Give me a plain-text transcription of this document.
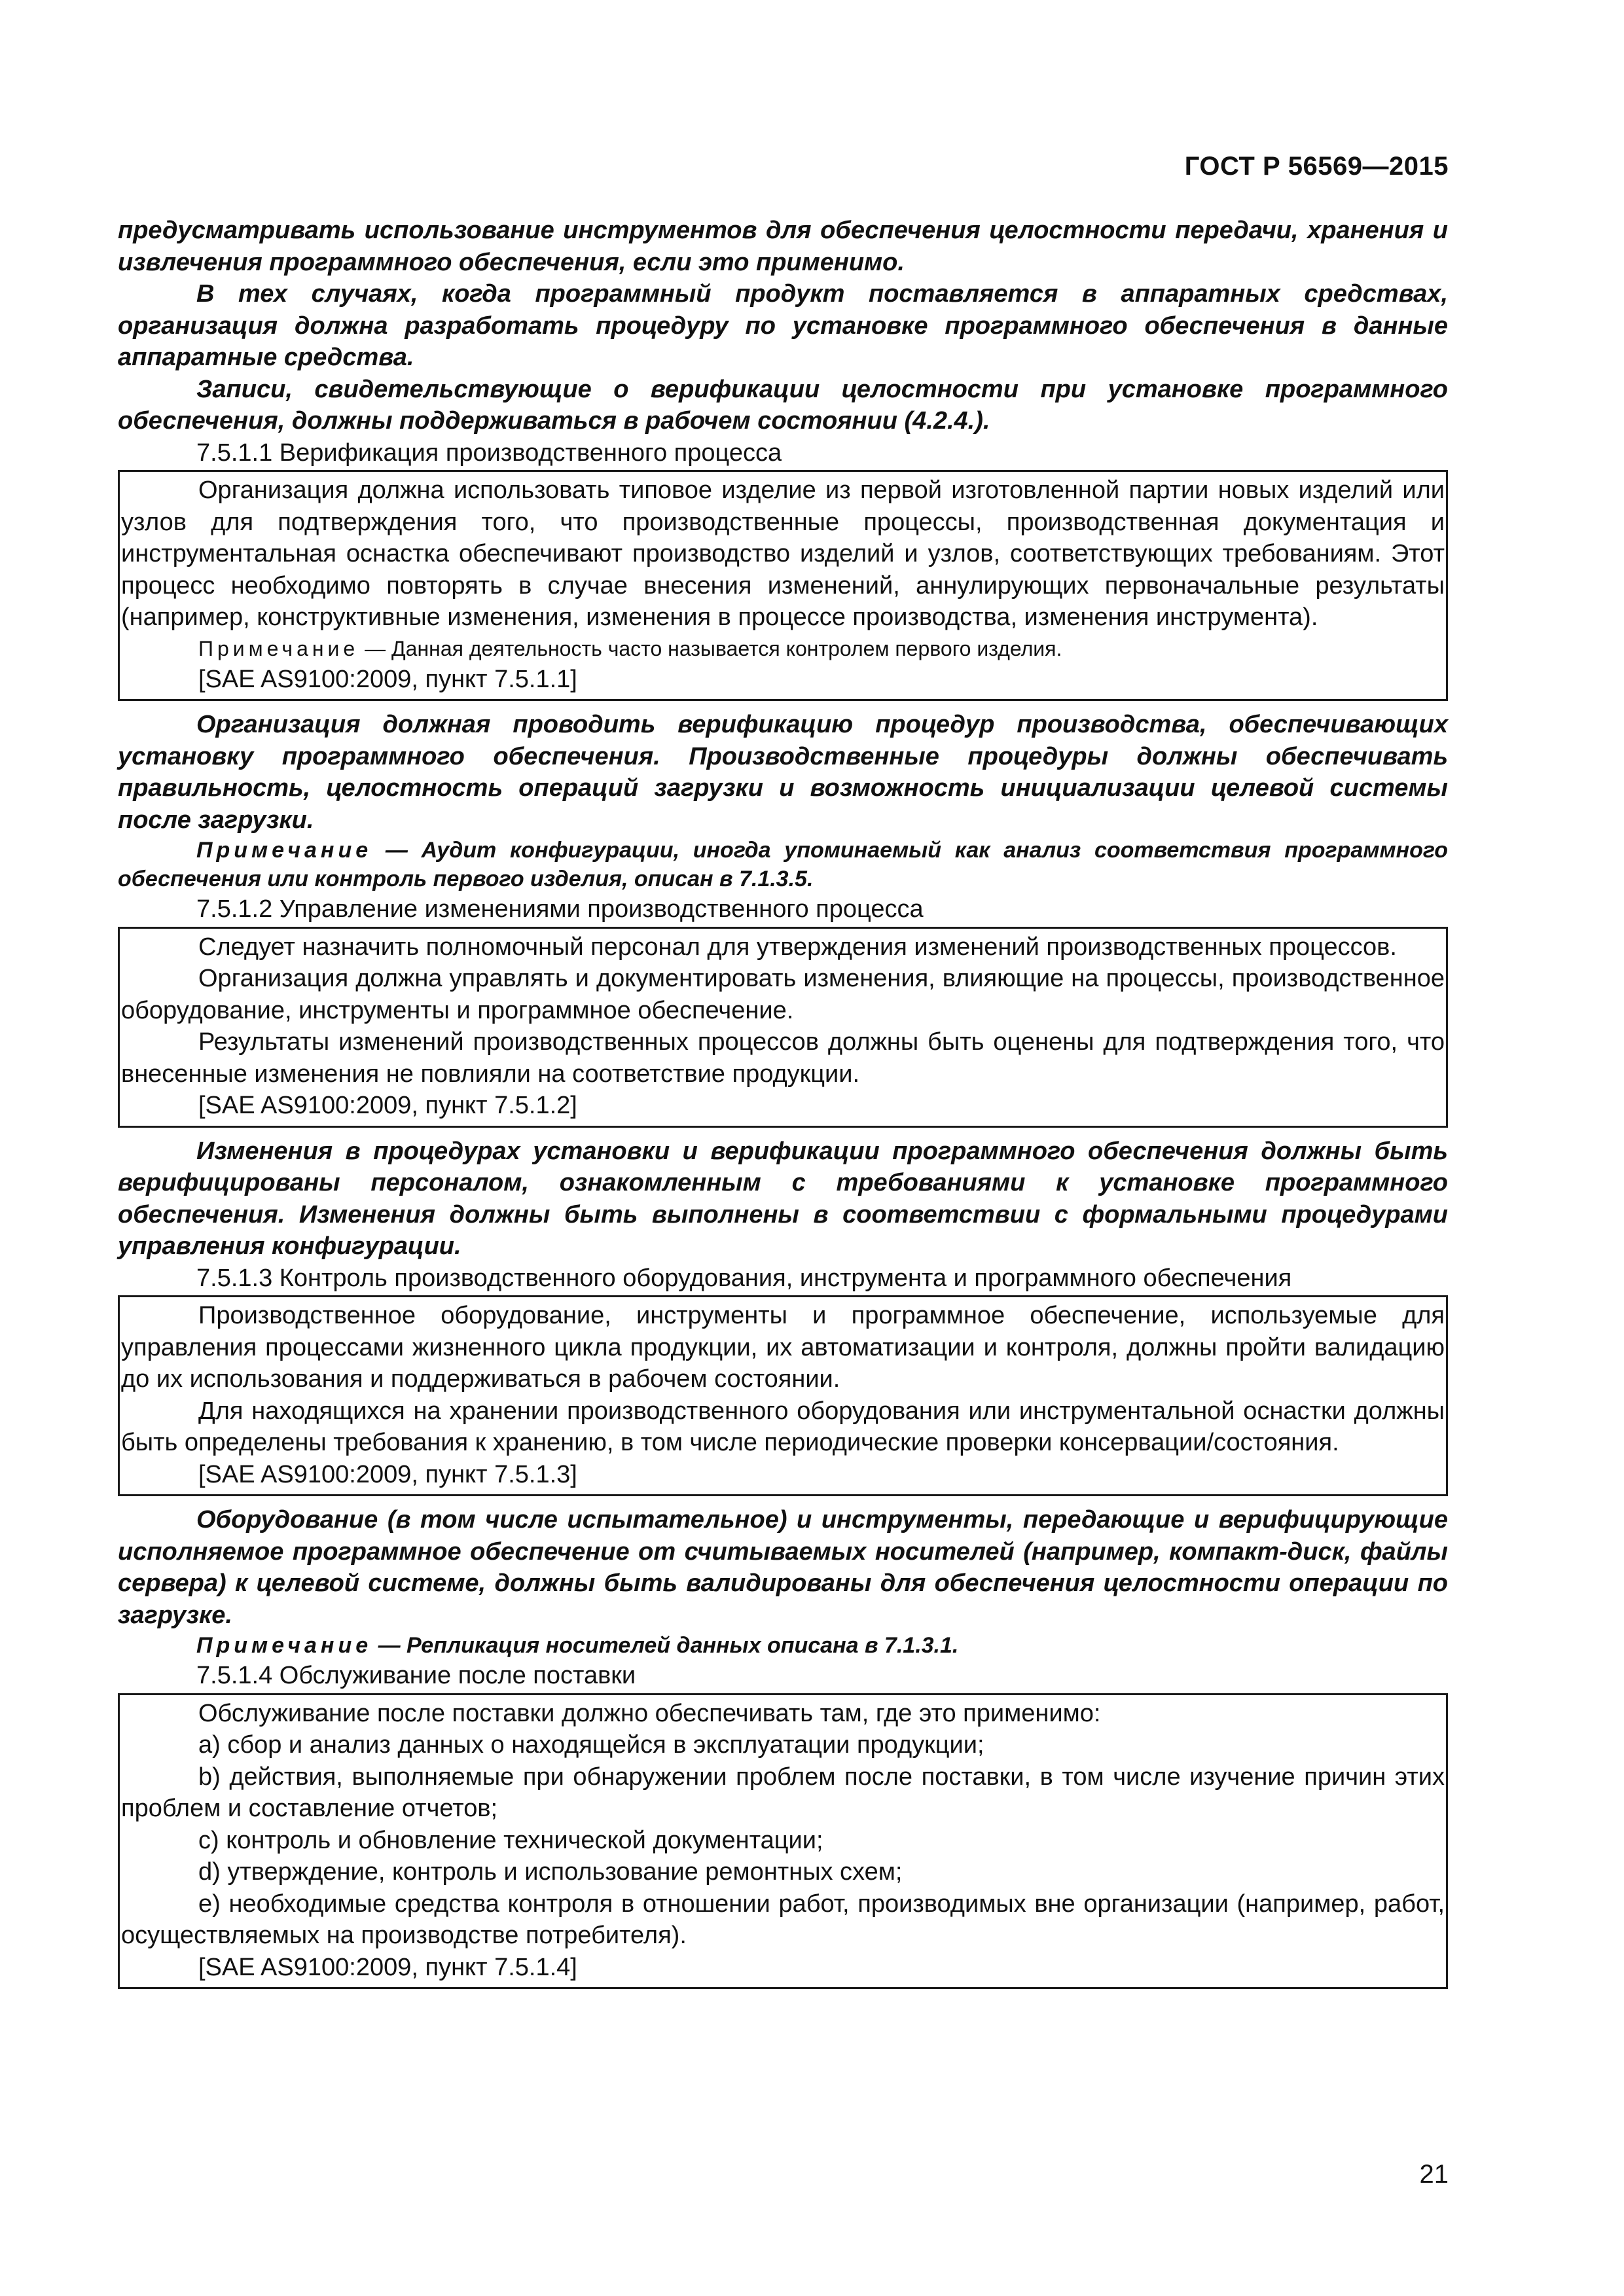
ГОСТ Р 56569—2015

предусматривать использование инструментов для обеспечения целостности передачи, хранения и извлечения программного обеспечения, если это применимо.

В тех случаях, когда программный продукт поставляется в аппаратных средствах, организация должна разработать процедуру по установке программного обеспечения в данные аппаратные средства.

Записи, свидетельствующие о верификации целостности при установке программного обеспечения, должны поддерживаться в рабочем состоянии (4.2.4.).

7.5.1.1 Верификация производственного процесса

Организация должна использовать типовое изделие из первой изготовленной партии новых изделий или узлов для подтверждения того, что производственные процессы, производственная документация и инструментальная оснастка обеспечивают производство изделий и узлов, соответствующих требованиям. Этот процесс необходимо повторять в случае внесения изменений, аннулирующих первоначальные результаты (например, конструктивные изменения, изменения в процессе производства, изменения инструмента).

Примечание — Данная деятельность часто называется контролем первого изделия.

[SAE AS9100:2009, пункт 7.5.1.1]

Организация должная проводить верификацию процедур производства, обеспечивающих установку программного обеспечения. Производственные процедуры должны обеспечивать правильность, целостность операций загрузки и возможность инициализации целевой системы после загрузки.

Примечание — Аудит конфигурации, иногда упоминаемый как анализ соответствия программного обеспечения или контроль первого изделия, описан в 7.1.3.5.

7.5.1.2 Управление изменениями производственного процесса

Следует назначить полномочный персонал для утверждения изменений производственных процессов.

Организация должна управлять и документировать изменения, влияющие на процессы, производственное оборудование, инструменты и программное обеспечение.

Результаты изменений производственных процессов должны быть оценены для подтверждения того, что внесенные изменения не повлияли на соответствие продукции.

[SAE AS9100:2009, пункт 7.5.1.2]

Изменения в процедурах установки и верификации программного обеспечения должны быть верифицированы персоналом, ознакомленным с требованиями к установке программного обеспечения. Изменения должны быть выполнены в соответствии с формальными процедурами управления конфигурации.

7.5.1.3 Контроль производственного оборудования, инструмента и программного обеспечения

Производственное оборудование, инструменты и программное обеспечение, используемые для управления процессами жизненного цикла продукции, их автоматизации и контроля, должны пройти валидацию до их использования и поддерживаться в рабочем состоянии.

Для находящихся на хранении производственного оборудования или инструментальной оснастки должны быть определены требования к хранению, в том числе периодические проверки консервации/состояния.

[SAE AS9100:2009, пункт 7.5.1.3]

Оборудование (в том числе испытательное) и инструменты, передающие и верифицирующие исполняемое программное обеспечение от считываемых носителей (например, компакт-диск, файлы сервера) к целевой системе, должны быть валидированы для обеспечения целостности операции по загрузке.

Примечание — Репликация носителей данных описана в 7.1.3.1.

7.5.1.4 Обслуживание после поставки

Обслуживание после поставки должно обеспечивать там, где это применимо:

a) сбор и анализ данных о находящейся в эксплуатации продукции;

b) действия, выполняемые при обнаружении проблем после поставки, в том числе изучение причин этих проблем и составление отчетов;

c) контроль и обновление технической документации;

d) утверждение, контроль и использование ремонтных схем;

e) необходимые средства контроля в отношении работ, производимых вне организации (например, работ, осуществляемых на производстве потребителя).

[SAE AS9100:2009, пункт 7.5.1.4]

21
